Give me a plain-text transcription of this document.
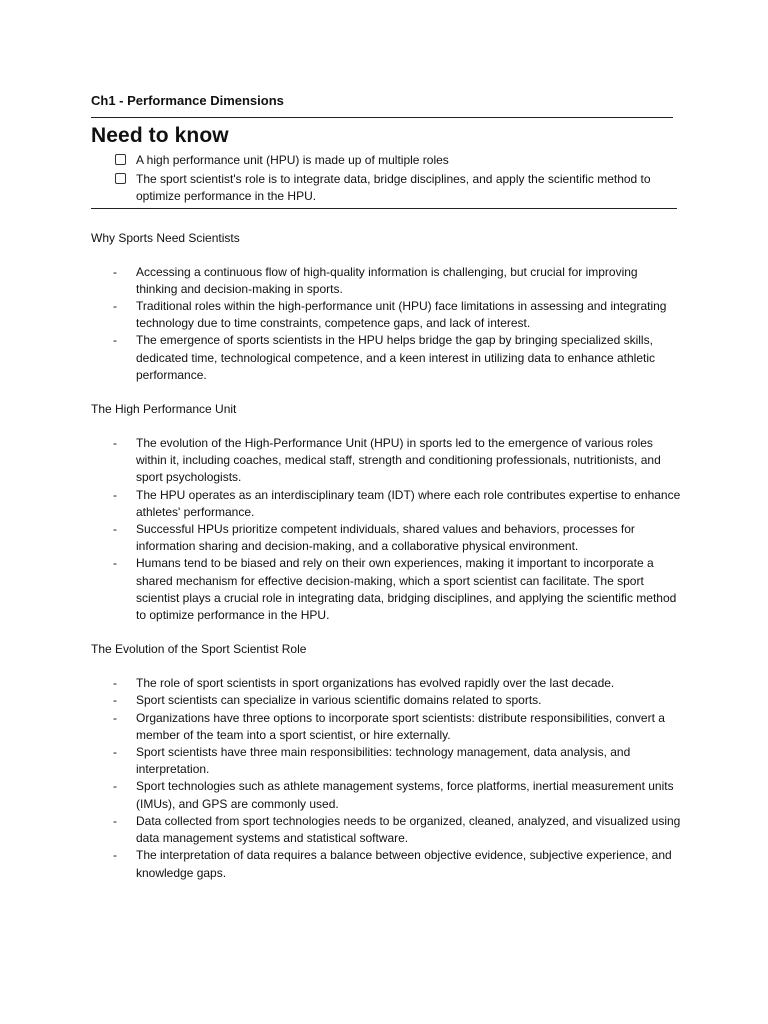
Ch1 - Performance Dimensions

Need to know
A high performance unit (HPU) is made up of multiple roles
The sport scientist's role is to integrate data, bridge disciplines, and apply the scientific method to optimize performance in the HPU.

Why Sports Need Scientists

- Accessing a continuous flow of high-quality information is challenging, but crucial for improving thinking and decision-making in sports.
- Traditional roles within the high-performance unit (HPU) face limitations in assessing and integrating technology due to time constraints, competence gaps, and lack of interest.
- The emergence of sports scientists in the HPU helps bridge the gap by bringing specialized skills, dedicated time, technological competence, and a keen interest in utilizing data to enhance athletic performance.

The High Performance Unit

- The evolution of the High-Performance Unit (HPU) in sports led to the emergence of various roles within it, including coaches, medical staff, strength and conditioning professionals, nutritionists, and sport psychologists.
- The HPU operates as an interdisciplinary team (IDT) where each role contributes expertise to enhance athletes' performance.
- Successful HPUs prioritize competent individuals, shared values and behaviors, processes for information sharing and decision-making, and a collaborative physical environment.
- Humans tend to be biased and rely on their own experiences, making it important to incorporate a shared mechanism for effective decision-making, which a sport scientist can facilitate. The sport scientist plays a crucial role in integrating data, bridging disciplines, and applying the scientific method to optimize performance in the HPU.

The Evolution of the Sport Scientist Role

- The role of sport scientists in sport organizations has evolved rapidly over the last decade.
- Sport scientists can specialize in various scientific domains related to sports.
- Organizations have three options to incorporate sport scientists: distribute responsibilities, convert a member of the team into a sport scientist, or hire externally.
- Sport scientists have three main responsibilities: technology management, data analysis, and interpretation.
- Sport technologies such as athlete management systems, force platforms, inertial measurement units (IMUs), and GPS are commonly used.
- Data collected from sport technologies needs to be organized, cleaned, analyzed, and visualized using data management systems and statistical software.
- The interpretation of data requires a balance between objective evidence, subjective experience, and knowledge gaps.
